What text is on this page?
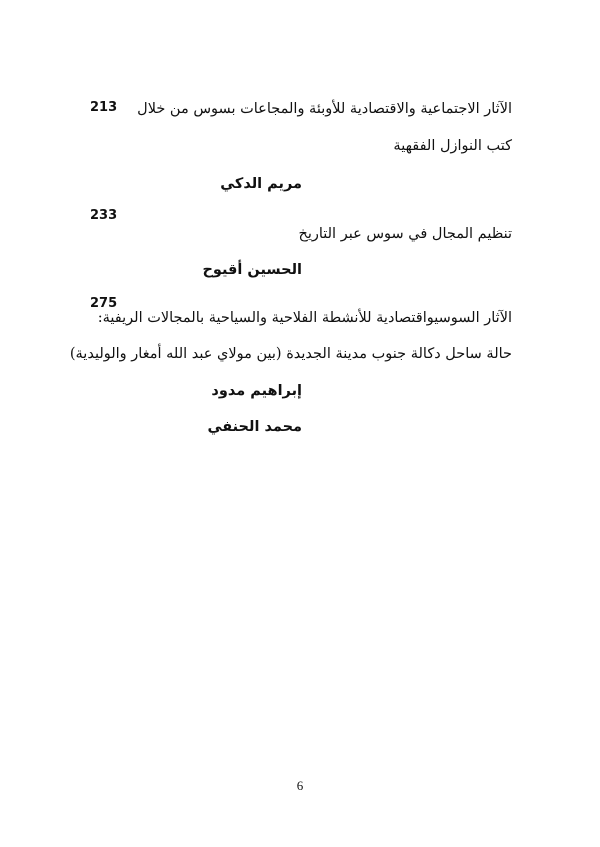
213 الآثار الاجتماعية والاقتصادية للأوبئة والمجاعات بسوس من خلال
كتب النوازل الفقهية
مريم الدكي
233
تنظيم المجال في سوس عبر التاريخ
الحسين أقيوح
275
الآثار السوسيواقتصادية للأنشطة الفلاحية والسياحية بالمجالات الريفية:
حالة ساحل دكالة جنوب مدينة الجديدة (بين مولاي عبد الله أمغار والوليدية)
إبراهيم مدود
محمد الحنفي
6
